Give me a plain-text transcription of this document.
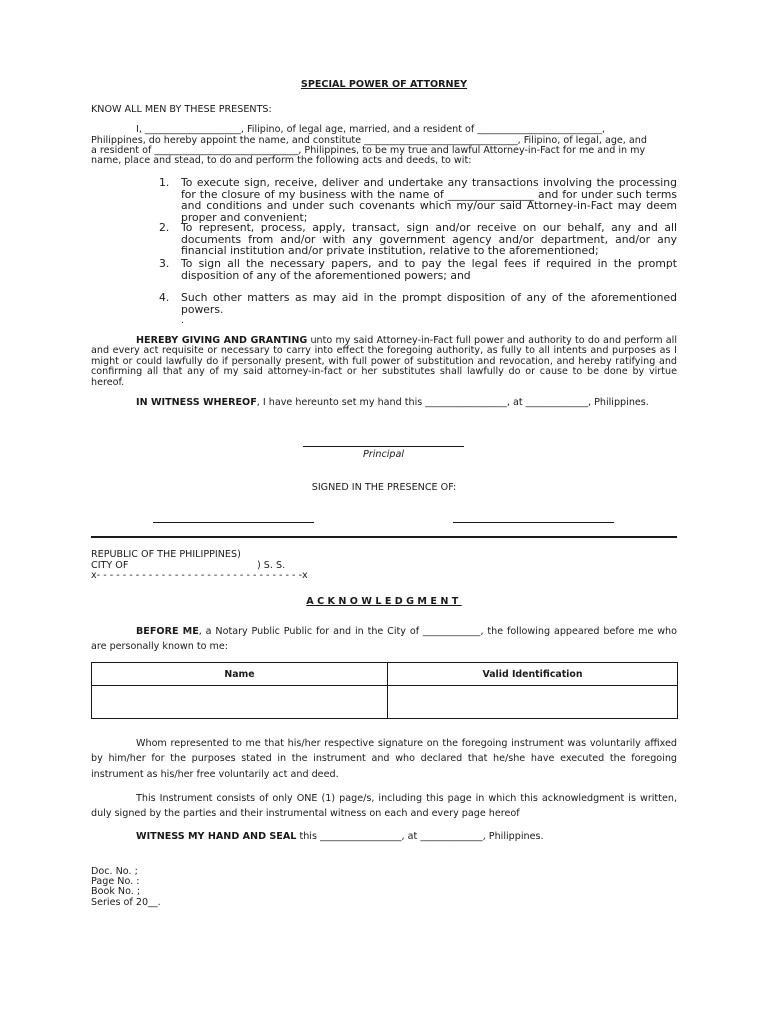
SPECIAL POWER OF ATTORNEY
KNOW ALL MEN BY THESE PRESENTS:
I, ____________________, Filipino, of legal age, married, and a resident of __________________________,
Philippines, do hereby appoint the name, and constitute ________________________________, Filipino, of legal, age, and
a resident of ______________________________, Philippines, to be my true and lawful Attorney-in-Fact for me and in my
name, place and stead, to do and perform the following acts and deeds, to wit:
1. To execute sign, receive, deliver and undertake any transactions involving the processing for the closure of my business with the name of ________________ and for under such terms and conditions and under such covenants which my/our said Attorney-in-Fact may deem proper and convenient;
2. To represent, process, apply, transact, sign and/or receive on our behalf, any and all documents from and/or with any government agency and/or department, and/or any financial institution and/or private institution, relative to the aforementioned;
3. To sign all the necessary papers, and to pay the legal fees if required in the prompt disposition of any of the aforementioned powers; and
4. Such other matters as may aid in the prompt disposition of any of the aforementioned powers.
.

HEREBY GIVING AND GRANTING unto my said Attorney-in-Fact full power and authority to do and perform all and every act requisite or necessary to carry into effect the foregoing authority, as fully to all intents and purposes as I might or could lawfully do if personally present, with full power of substitution and revocation, and hereby ratifying and confirming all that any of my said attorney-in-fact or her substitutes shall lawfully do or cause to be done by virtue hereof.

IN WITNESS WHEREOF, I have hereunto set my hand this _________________, at _____________, Philippines.

Principal
SIGNED IN THE PRESENCE OF:
REPUBLIC OF THE PHILIPPINES)
CITY OF	) S. S.
x- - - - - - - - - - - - - - - - - - - - - - - - - - - - - - - -x
ACKNOWLEDGMENT

BEFORE ME, a Notary Public Public for and in the City of ____________, the following appeared before me who are personally known to me:

Name	Valid Identification

Whom represented to me that his/her respective signature on the foregoing instrument was voluntarily affixed by him/her for the purposes stated in the instrument and who declared that he/she have executed the foregoing instrument as his/her free voluntarily act and deed.

This Instrument consists of only ONE (1) page/s, including this page in which this acknowledgment is written, duly signed by the parties and their instrumental witness on each and every page hereof

WITNESS MY HAND AND SEAL this _________________, at _____________, Philippines.

Doc. No. ;
Page No. :
Book No. ;
Series of 20__.
